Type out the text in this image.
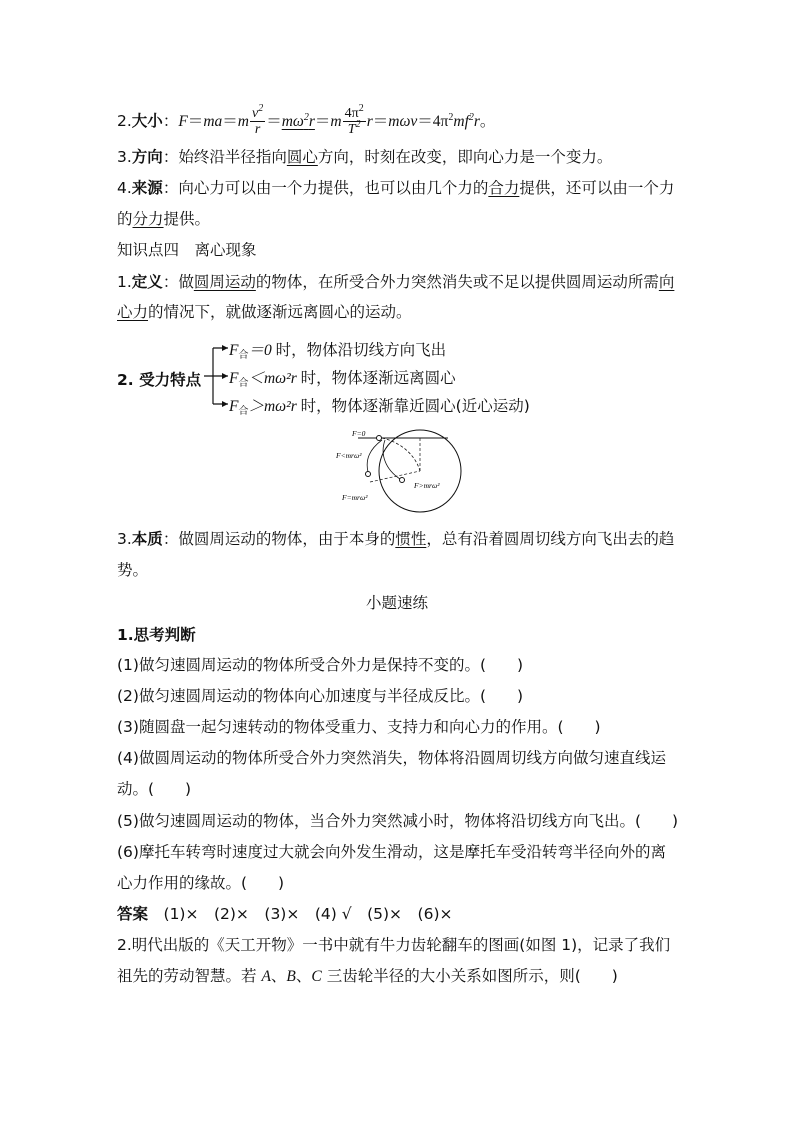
2.大小：$F=ma=m \frac{v^2}{r} =m\omega^2r=m \frac{4\pi^2}{T^2} r=m\omega v=4\pi^2mf^2r$。
3.方向：始终沿半径指向圆心方向，时刻在改变，即向心力是一个变力。
4.来源：向心力可以由一个力提供，也可以由几个力的合力提供，还可以由一个力
的分力提供。
知识点四　离心现象
1.定义：做圆周运动的物体，在所受合外力突然消失或不足以提供圆周运动所需向
心力的情况下，就做逐渐远离圆心的运动。
2. 受力特点
$F_合=0$ 时，物体沿切线方向飞出
$F_合<m\omega^2r$ 时，物体逐渐远离圆心
$F_合>m\omega^2r$ 时，物体逐渐靠近圆心(近心运动)
F=0
F<mrω²
F>mrω²
F=mrω²
3.本质：做圆周运动的物体，由于本身的惯性，总有沿着圆周切线方向飞出去的趋
势。
小题速练
1.思考判断
(1)做匀速圆周运动的物体所受合外力是保持不变的。(　　)
(2)做匀速圆周运动的物体向心加速度与半径成反比。(　　)
(3)随圆盘一起匀速转动的物体受重力、支持力和向心力的作用。(　　)
(4)做圆周运动的物体所受合外力突然消失，物体将沿圆周切线方向做匀速直线运
动。(　　)
(5)做匀速圆周运动的物体，当合外力突然减小时，物体将沿切线方向飞出。(　　)
(6)摩托车转弯时速度过大就会向外发生滑动，这是摩托车受沿转弯半径向外的离
心力作用的缘故。(　　)
答案　(1)×　(2)×　(3)×　(4) √　(5)×　(6)×
2.明代出版的《天工开物》一书中就有牛力齿轮翻车的图画(如图 1)，记录了我们
祖先的劳动智慧。若 A、B、C 三齿轮半径的大小关系如图所示，则(　　)
